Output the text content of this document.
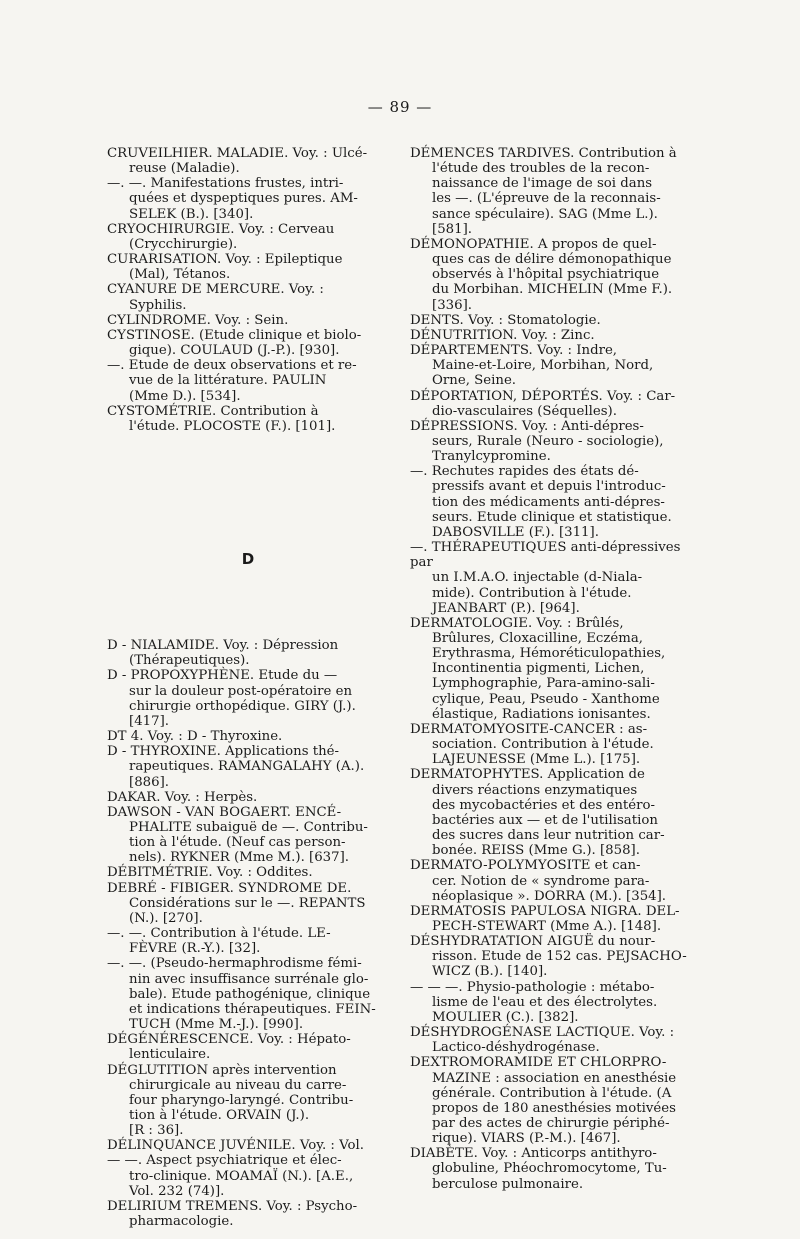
— 89 —
CRUVEILHIER. MALADIE. Voy. : Ulcé-
reuse (Maladie).
—. —. Manifestations frustes, intri-
quées et dyspeptiques pures. AM-
SELEK (B.). [340].
CRYOCHIRURGIE. Voy. : Cerveau
(Crycchirurgie).
CURARISATION. Voy. : Epileptique
(Mal), Tétanos.
CYANURE DE MERCURE. Voy. :
Syphilis.
CYLINDROME. Voy. : Sein.
CYSTINOSE. (Etude clinique et biolo-
gique). COULAUD (J.-P.). [930].
—. Etude de deux observations et re-
vue de la littérature. PAULIN
(Mme D.). [534].
CYSTOMÉTRIE. Contribution à
l'étude. PLOCOSTE (F.). [101].
D
D - NIALAMIDE. Voy. : Dépression
(Thérapeutiques).
D - PROPOXYPHÈNE. Etude du —
sur la douleur post-opératoire en
chirurgie orthopédique. GIRY (J.).
[417].
DT 4. Voy. : D - Thyroxine.
D - THYROXINE. Applications thé-
rapeutiques. RAMANGALAHY (A.).
[886].
DAKAR. Voy. : Herpès.
DAWSON - VAN BOGAERT. ENCÉ-
PHALITE subaiguë de —. Contribu-
tion à l'étude. (Neuf cas person-
nels). RYKNER (Mme M.). [637].
DÉBITMÉTRIE. Voy. : Oddites.
DEBRÉ - FIBIGER. SYNDROME DE.
Considérations sur le —. REPANTS
(N.). [270].
—. —. Contribution à l'étude. LE-
FÈVRE (R.-Y.). [32].
—. —. (Pseudo-hermaphrodisme fémi-
nin avec insuffisance surrénale glo-
bale). Etude pathogénique, clinique
et indications thérapeutiques. FEIN-
TUCH (Mme M.-J.). [990].
DÉGÉNÉRESCENCE. Voy. : Hépato-
lenticulaire.
DÉGLUTITION après intervention
chirurgicale au niveau du carre-
four pharyngo-laryngé. Contribu-
tion à l'étude. ORVAIN (J.).
[R : 36].
DÉLINQUANCE JUVÉNILE. Voy. : Vol.
— —. Aspect psychiatrique et élec-
tro-clinique. MOAMAÏ (N.). [A.E.,
Vol. 232 (74)].
DELIRIUM TREMENS. Voy. : Psycho-
pharmacologie.
DÉMENCES TARDIVES. Contribution à
l'étude des troubles de la recon-
naissance de l'image de soi dans
les —. (L'épreuve de la reconnais-
sance spéculaire). SAG (Mme L.).
[581].
DÉMONOPATHIE. A propos de quel-
ques cas de délire démonopathique
observés à l'hôpital psychiatrique
du Morbihan. MICHELIN (Mme F.).
[336].
DENTS. Voy. : Stomatologie.
DÉNUTRITION. Voy. : Zinc.
DÉPARTEMENTS. Voy. : Indre,
Maine-et-Loire, Morbihan, Nord,
Orne, Seine.
DÉPORTATION, DÉPORTÉS. Voy. : Car-
dio-vasculaires (Séquelles).
DÉPRESSIONS. Voy. : Anti-dépres-
seurs, Rurale (Neuro - sociologie),
Tranylcypromine.
—. Rechutes rapides des états dé-
pressifs avant et depuis l'introduc-
tion des médicaments anti-dépres-
seurs. Etude clinique et statistique.
DABOSVILLE (F.). [311].
—. THÉRAPEUTIQUES anti-dépressives par
un I.M.A.O. injectable (d-Niala-
mide). Contribution à l'étude.
JEANBART (P.). [964].
DERMATOLOGIE. Voy. : Brûlés,
Brûlures, Cloxacilline, Eczéma,
Erythrasma, Hémoréticulopathies,
Incontinentia pigmenti, Lichen,
Lymphographie, Para-amino-sali-
cylique, Peau, Pseudo - Xanthome
élastique, Radiations ionisantes.
DERMATOMYOSITE-CANCER : as-
sociation. Contribution à l'étude.
LAJEUNESSE (Mme L.). [175].
DERMATOPHYTES. Application de
divers réactions enzymatiques
des mycobactéries et des entéro-
bactéries aux — et de l'utilisation
des sucres dans leur nutrition car-
bonée. REISS (Mme G.). [858].
DERMATO-POLYMYOSITE et can-
cer. Notion de « syndrome para-
néoplasique ». DORRA (M.). [354].
DERMATOSIS PAPULOSA NIGRA. DEL-
PECH-STEWART (Mme A.). [148].
DÉSHYDRATATION AIGUË du nour-
risson. Etude de 152 cas. PEJSACHO-
WICZ (B.). [140].
— — —. Physio-pathologie : métabo-
lisme de l'eau et des électrolytes.
MOULIER (C.). [382].
DÉSHYDROGÉNASE LACTIQUE. Voy. :
Lactico-déshydrogénase.
DEXTROMORAMIDE ET CHLORPRO-
MAZINE : association en anesthésie
générale. Contribution à l'étude. (A
propos de 180 anesthésies motivées
par des actes de chirurgie périphé-
rique). VIARS (P.-M.). [467].
DIABÈTE. Voy. : Anticorps antithyro-
globuline, Phéochromocytome, Tu-
berculose pulmonaire.
